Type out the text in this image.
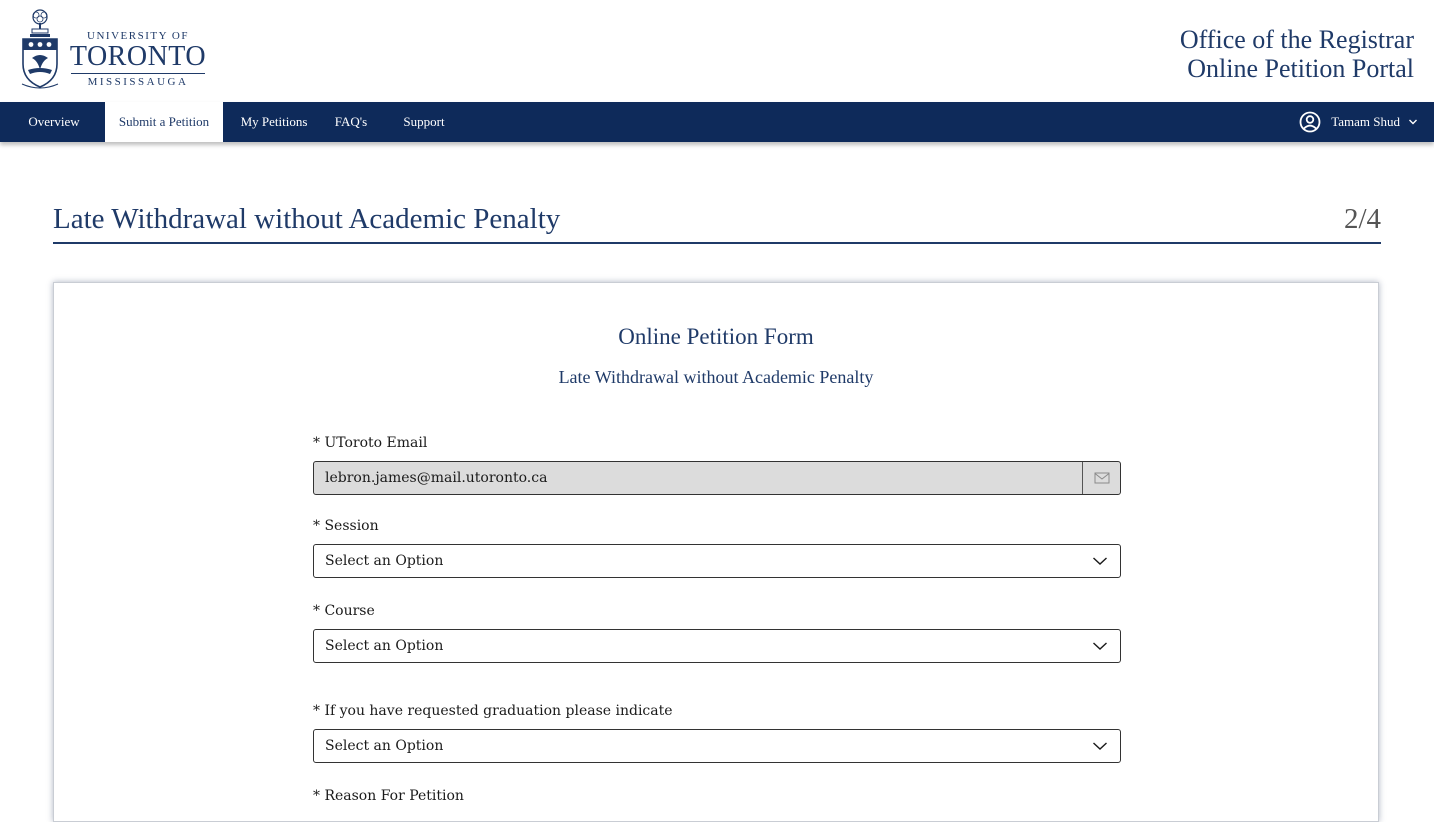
UNIVERSITY OF
TORONTO
MISSISSAUGA
Office of the Registrar
Online Petition Portal
Overview	Submit a Petition	My Petitions	FAQ's	Support	Tamam Shud
Late Withdrawal without Academic Penalty	2/4
Online Petition Form
Late Withdrawal without Academic Penalty
* UToroto Email
lebron.james@mail.utoronto.ca
* Session
Select an Option
* Course
Select an Option
* If you have requested graduation please indicate
Select an Option
* Reason For Petition
